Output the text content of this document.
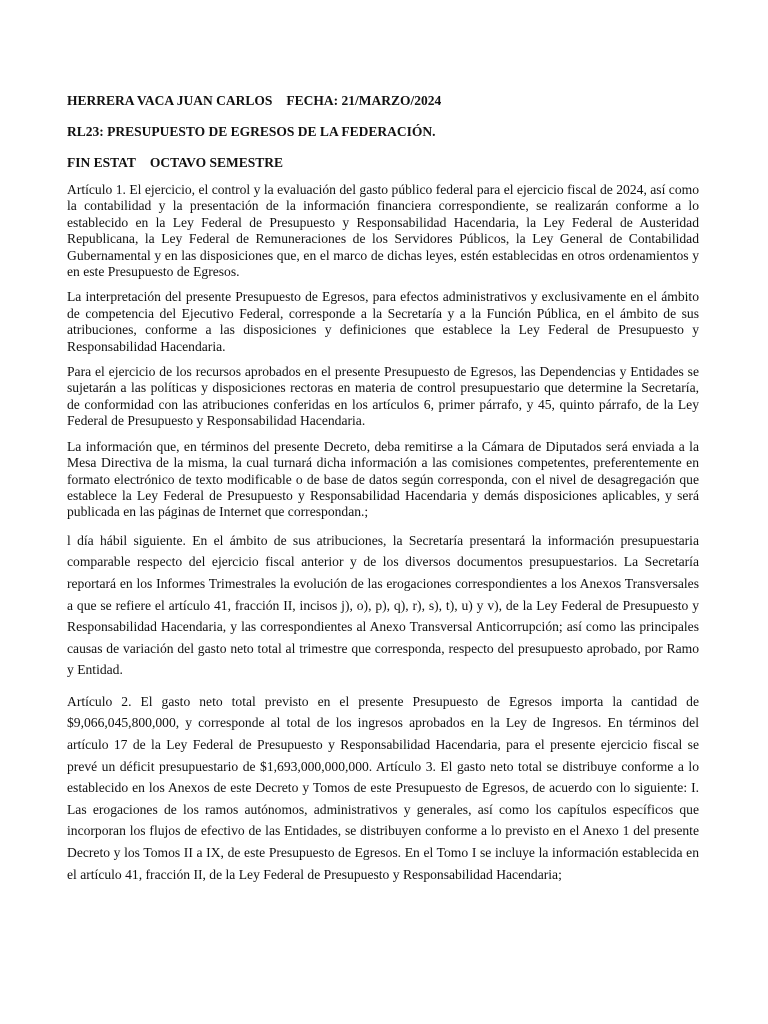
HERRERA VACA JUAN CARLOS FECHA: 21/MARZO/2024

RL23: PRESUPUESTO DE EGRESOS DE LA FEDERACIÓN.

FIN ESTAT OCTAVO SEMESTRE

Artículo 1. El ejercicio, el control y la evaluación del gasto público federal para el ejercicio fiscal de 2024, así como la contabilidad y la presentación de la información financiera correspondiente, se realizarán conforme a lo establecido en la Ley Federal de Presupuesto y Responsabilidad Hacendaria, la Ley Federal de Austeridad Republicana, la Ley Federal de Remuneraciones de los Servidores Públicos, la Ley General de Contabilidad Gubernamental y en las disposiciones que, en el marco de dichas leyes, estén establecidas en otros ordenamientos y en este Presupuesto de Egresos.

La interpretación del presente Presupuesto de Egresos, para efectos administrativos y exclusivamente en el ámbito de competencia del Ejecutivo Federal, corresponde a la Secretaría y a la Función Pública, en el ámbito de sus atribuciones, conforme a las disposiciones y definiciones que establece la Ley Federal de Presupuesto y Responsabilidad Hacendaria.

Para el ejercicio de los recursos aprobados en el presente Presupuesto de Egresos, las Dependencias y Entidades se sujetarán a las políticas y disposiciones rectoras en materia de control presupuestario que determine la Secretaría, de conformidad con las atribuciones conferidas en los artículos 6, primer párrafo, y 45, quinto párrafo, de la Ley Federal de Presupuesto y Responsabilidad Hacendaria.

La información que, en términos del presente Decreto, deba remitirse a la Cámara de Diputados será enviada a la Mesa Directiva de la misma, la cual turnará dicha información a las comisiones competentes, preferentemente en formato electrónico de texto modificable o de base de datos según corresponda, con el nivel de desagregación que establece la Ley Federal de Presupuesto y Responsabilidad Hacendaria y demás disposiciones aplicables, y será publicada en las páginas de Internet que correspondan.;

l día hábil siguiente. En el ámbito de sus atribuciones, la Secretaría presentará la información presupuestaria comparable respecto del ejercicio fiscal anterior y de los diversos documentos presupuestarios. La Secretaría reportará en los Informes Trimestrales la evolución de las erogaciones correspondientes a los Anexos Transversales a que se refiere el artículo 41, fracción II, incisos j), o), p), q), r), s), t), u) y v), de la Ley Federal de Presupuesto y Responsabilidad Hacendaria, y las correspondientes al Anexo Transversal Anticorrupción; así como las principales causas de variación del gasto neto total al trimestre que corresponda, respecto del presupuesto aprobado, por Ramo y Entidad.

Artículo 2. El gasto neto total previsto en el presente Presupuesto de Egresos importa la cantidad de $9,066,045,800,000, y corresponde al total de los ingresos aprobados en la Ley de Ingresos. En términos del artículo 17 de la Ley Federal de Presupuesto y Responsabilidad Hacendaria, para el presente ejercicio fiscal se prevé un déficit presupuestario de $1,693,000,000,000. Artículo 3. El gasto neto total se distribuye conforme a lo establecido en los Anexos de este Decreto y Tomos de este Presupuesto de Egresos, de acuerdo con lo siguiente: I. Las erogaciones de los ramos autónomos, administrativos y generales, así como los capítulos específicos que incorporan los flujos de efectivo de las Entidades, se distribuyen conforme a lo previsto en el Anexo 1 del presente Decreto y los Tomos II a IX, de este Presupuesto de Egresos. En el Tomo I se incluye la información establecida en el artículo 41, fracción II, de la Ley Federal de Presupuesto y Responsabilidad Hacendaria;
